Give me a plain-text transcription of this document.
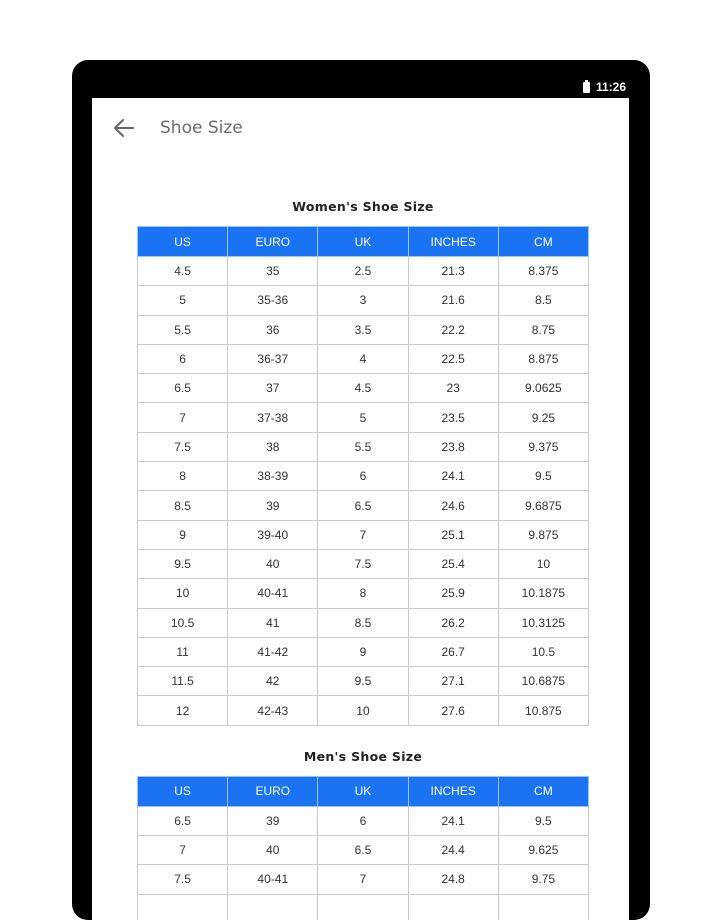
11:26
Shoe Size
Women's Shoe Size
US	EURO	UK	INCHES	CM
4.5	35	2.5	21.3	8.375
5	35-36	3	21.6	8.5
5.5	36	3.5	22.2	8.75
6	36-37	4	22.5	8.875
6.5	37	4.5	23	9.0625
7	37-38	5	23.5	9.25
7.5	38	5.5	23.8	9.375
8	38-39	6	24.1	9.5
8.5	39	6.5	24.6	9.6875
9	39-40	7	25.1	9.875
9.5	40	7.5	25.4	10
10	40-41	8	25.9	10.1875
10.5	41	8.5	26.2	10.3125
11	41-42	9	26.7	10.5
11.5	42	9.5	27.1	10.6875
12	42-43	10	27.6	10.875
Men's Shoe Size
US	EURO	UK	INCHES	CM
6.5	39	6	24.1	9.5
7	40	6.5	24.4	9.625
7.5	40-41	7	24.8	9.75
